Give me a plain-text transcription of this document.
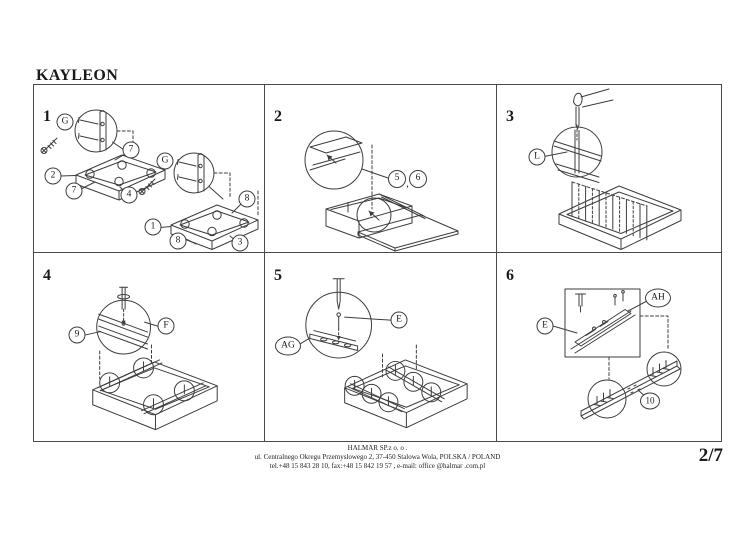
KAYLEON
1	G
7
2
7	4
G
8
1
8	3
2
5
,
6
3
L
4
9
F
5
AG
E
6
E
AH
10
HALMAR SP.z o. o .
ul. Centralnego Okregu Przemyslowego 2, 37-450 Stalowa Wola, POLSKA / POLAND
tel.+48 15 843 28 10, fax:+48 15 842 19 57 , e-mail: office @halmar .com.pl	2/7
